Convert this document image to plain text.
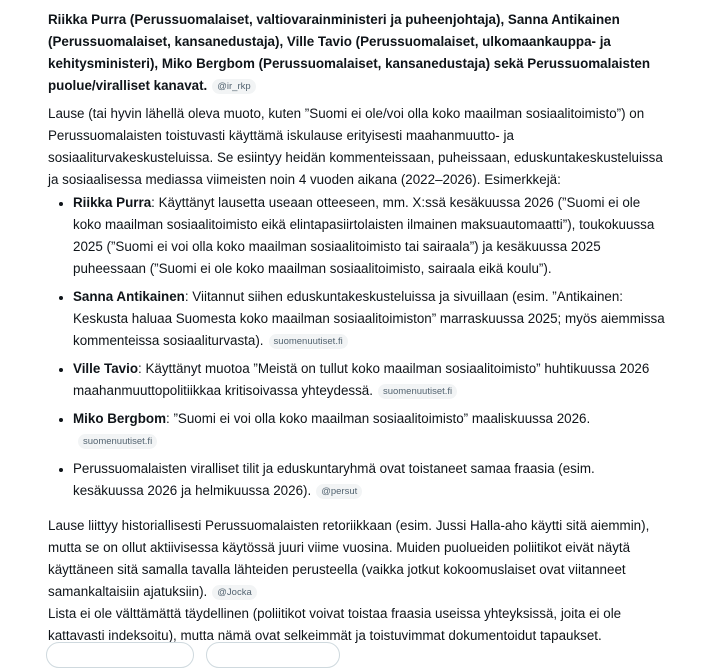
Riikka Purra (Perussuomalaiset, valtiovarainministeri ja puheenjohtaja), Sanna Antikainen (Perussuomalaiset, kansanedustaja), Ville Tavio (Perussuomalaiset, ulkomaankauppa- ja kehitysministeri), Miko Bergbom (Perussuomalaiset, kansanedustaja) sekä Perussuomalaisten puolue/viralliset kanavat. @ir_rkp

Lause (tai hyvin lähellä oleva muoto, kuten ”Suomi ei ole/voi olla koko maailman sosiaalitoimisto”) on Perussuomalaisten toistuvasti käyttämä iskulause erityisesti maahanmuutto- ja sosiaaliturvakeskusteluissa. Se esiintyy heidän kommenteissaan, puheissaan, eduskuntakeskusteluissa ja sosiaalisessa mediassa viimeisten noin 4 vuoden aikana (2022–2026). Esimerkkejä:

• Riikka Purra: Käyttänyt lausetta useaan otteeseen, mm. X:ssä kesäkuussa 2026 (”Suomi ei ole koko maailman sosiaalitoimisto eikä elintapasiirtolaisten ilmainen maksuautomaatti”), toukokuussa 2025 (”Suomi ei voi olla koko maailman sosiaalitoimisto tai sairaala”) ja kesäkuussa 2025 puheessaan (”Suomi ei ole koko maailman sosiaalitoimisto, sairaala eikä koulu”).
• Sanna Antikainen: Viitannut siihen eduskuntakeskusteluissa ja sivuillaan (esim. ”Antikainen: Keskusta haluaa Suomesta koko maailman sosiaalitoimiston” marraskuussa 2025; myös aiemmissa kommenteissa sosiaaliturvasta). suomenuutiset.fi
• Ville Tavio: Käyttänyt muotoa ”Meistä on tullut koko maailman sosiaalitoimisto” huhtikuussa 2026 maahanmuuttopolitiikkaa kritisoivassa yhteydessä. suomenuutiset.fi
• Miko Bergbom: ”Suomi ei voi olla koko maailman sosiaalitoimisto” maaliskuussa 2026.suomenuutiset.fi
• Perussuomalaisten viralliset tilit ja eduskuntaryhmä ovat toistaneet samaa fraasia (esim. kesäkuussa 2026 ja helmikuussa 2026). @persut

Lause liittyy historiallisesti Perussuomalaisten retoriikkaan (esim. Jussi Halla-aho käytti sitä aiemmin), mutta se on ollut aktiivisessa käytössä juuri viime vuosina. Muiden puolueiden poliitikot eivät näytä käyttäneen sitä samalla tavalla lähteiden perusteella (vaikka jotkut kokoomuslaiset ovat viitanneet samankaltaisiin ajatuksiin). @Jocka

Lista ei ole välttämättä täydellinen (poliitikot voivat toistaa fraasia useissa yhteyksissä, joita ei ole kattavasti indeksoitu), mutta nämä ovat selkeimmät ja toistuvimmat dokumentoidut tapaukset.
